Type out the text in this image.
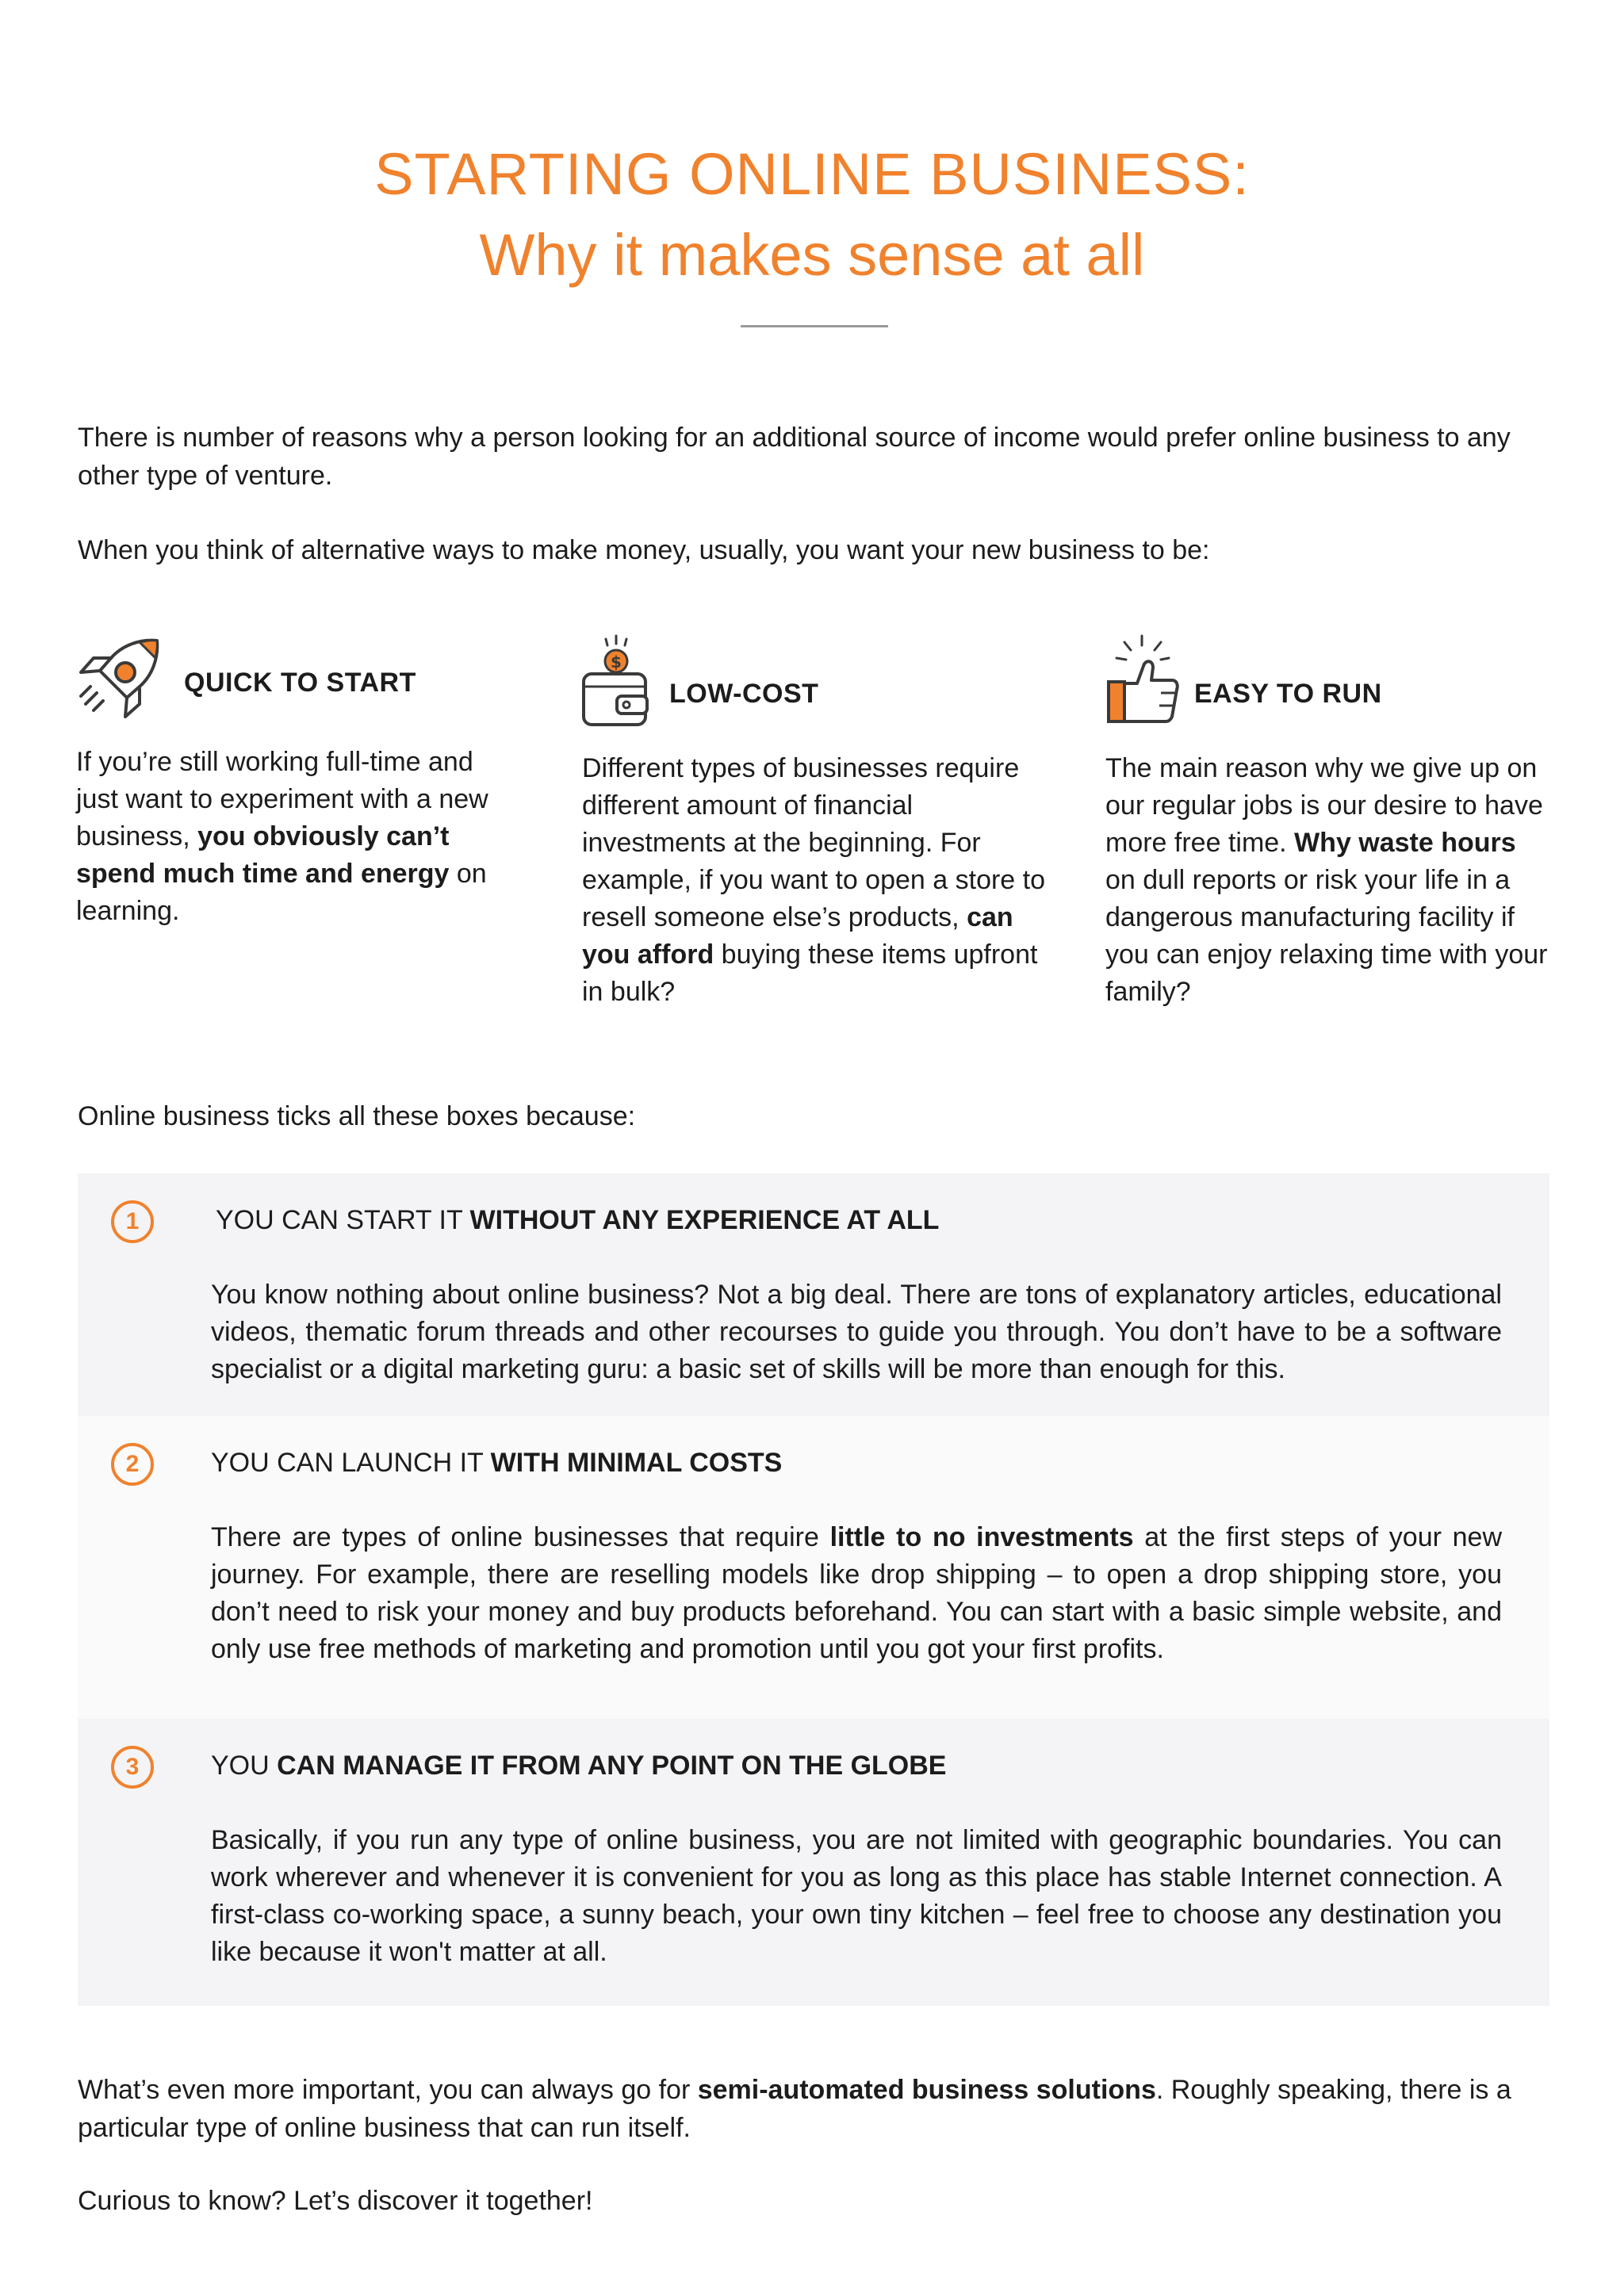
STARTING ONLINE BUSINESS:
Why it makes sense at all

There is number of reasons why a person looking for an additional source of income would prefer online business to any other type of venture.

When you think of alternative ways to make money, usually, you want your new business to be:

QUICK TO START

If you’re still working full-time and just want to experiment with a new business, you obviously can’t spend much time and energy on learning.

$
LOW-COST

Different types of businesses require different amount of financial investments at the beginning. For example, if you want to open a store to resell someone else’s products, can you afford buying these items upfront in bulk?

EASY TO RUN

The main reason why we give up on our regular jobs is our desire to have more free time. Why waste hours on dull reports or risk your life in a dangerous manufacturing facility if you can enjoy relaxing time with your family?

Online business ticks all these boxes because:

1	YOU CAN START IT WITHOUT ANY EXPERIENCE AT ALL

You know nothing about online business? Not a big deal. There are tons of explanatory articles, educational videos, thematic forum threads and other recourses to guide you through. You don’t have to be a software specialist or a digital marketing guru: a basic set of skills will be more than enough for this.

2	YOU CAN LAUNCH IT WITH MINIMAL COSTS

There are types of online businesses that require little to no investments at the first steps of your new journey. For example, there are reselling models like drop shipping – to open a drop shipping store, you don’t need to risk your money and buy products beforehand. You can start with a basic simple website, and only use free methods of marketing and promotion until you got your first profits.

3	YOU CAN MANAGE IT FROM ANY POINT ON THE GLOBE

Basically, if you run any type of online business, you are not limited with geographic boundaries. You can work wherever and whenever it is convenient for you as long as this place has stable Internet connection. A first-class co-working space, a sunny beach, your own tiny kitchen – feel free to choose any destination you like because it won't matter at all.

What’s even more important, you can always go for semi-automated business solutions. Roughly speaking, there is a particular type of online business that can run itself.

Curious to know? Let’s discover it together!
